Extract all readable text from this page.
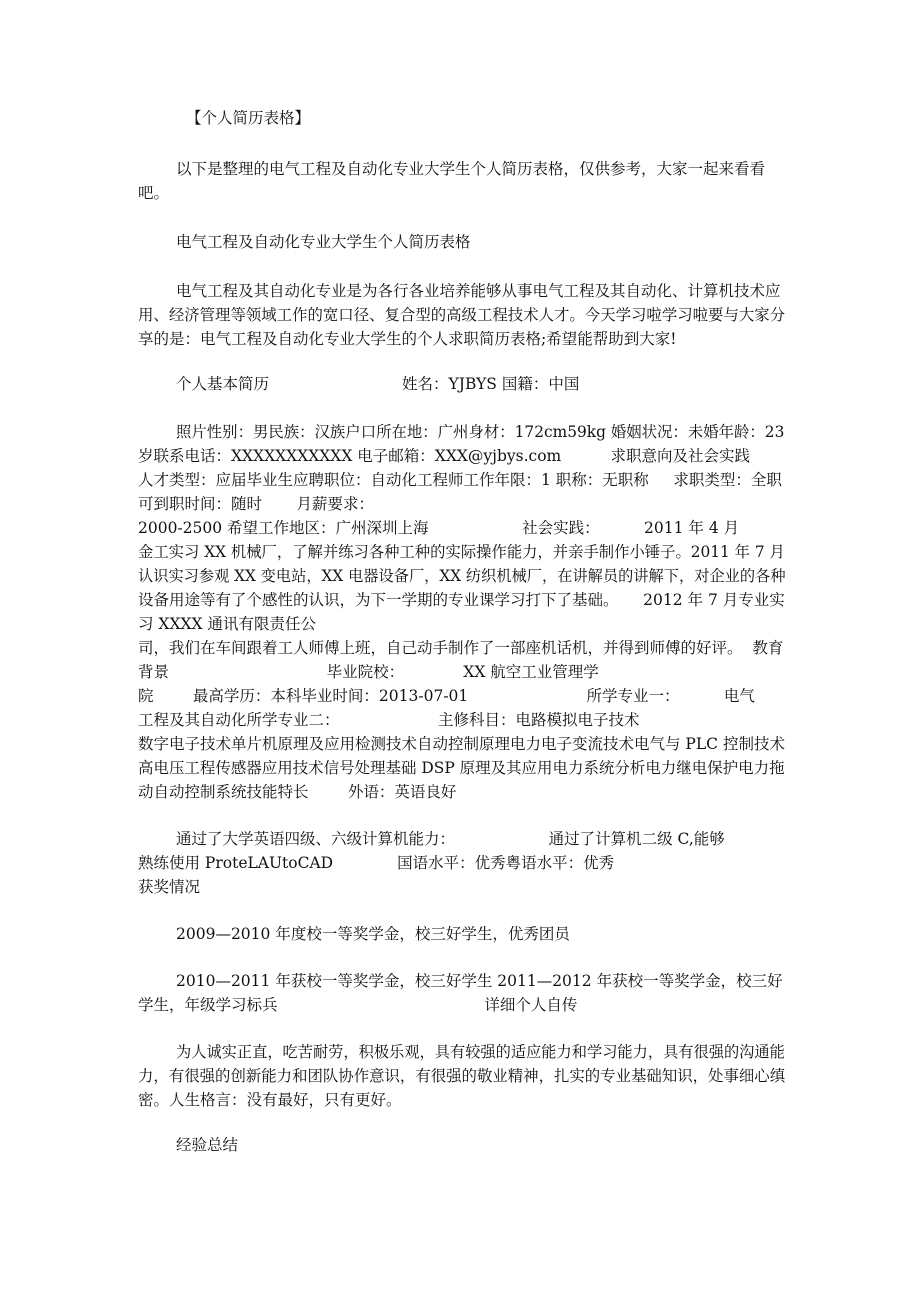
【个人简历表格】
以下是整理的电气工程及自动化专业大学生个人简历表格，仅供参考，大家一起来看看
吧。
电气工程及自动化专业大学生个人简历表格
电气工程及其自动化专业是为各行各业培养能够从事电气工程及其自动化、计算机技术应
用、经济管理等领域工作的宽口径、复合型的高级工程技术人才。今天学习啦学习啦要与大家分
享的是：电气工程及自动化专业大学生的个人求职简历表格;希望能帮助到大家!
个人基本简历	姓名：YJBYS 国籍：中国
照片性别：男民族：汉族户口所在地：广州身材：172cm59kg 婚姻状况：未婚年龄：23
岁联系电话：XXXXXXXXXXX 电子邮箱：XXX@yjbys.com          求职意向及社会实践
人才类型：应届毕业生应聘职位：自动化工程师工作年限：1 职称：无职称     求职类型：全职
可到职时间：随时       月薪要求：
2000-2500 希望工作地区：广州深圳上海                   社会实践：         2011 年 4 月
金工实习 XX 机械厂，了解并练习各种工种的实际操作能力，并亲手制作小锤子。2011 年 7 月
认识实习参观 XX 变电站，XX 电器设备厂，XX 纺织机械厂，在讲解员的讲解下，对企业的各种
设备用途等有了个感性的认识，为下一学期的专业课学习打下了基础。     2012 年 7 月专业实
习 XXXX 通讯有限责任公
司，我们在车间跟着工人师傅上班，自己动手制作了一部座机话机，并得到师傅的好评。  教育
背景                                毕业院校：            XX 航空工业管理学
院        最高学历：本科毕业时间：2013-07-01                        所学专业一：         电气
工程及其自动化所学专业二：                    主修科目：电路模拟电子技术
数字电子技术单片机原理及应用检测技术自动控制原理电力电子变流技术电气与 PLC 控制技术
高电压工程传感器应用技术信号处理基础 DSP 原理及其应用电力系统分析电力继电保护电力拖
动自动控制系统技能特长        外语：英语良好
通过了大学英语四级、六级计算机能力：                   通过了计算机二级 C,能够
熟练使用 ProteLAUtoCAD             国语水平：优秀粤语水平：优秀
获奖情况
2009—2010 年度校一等奖学金，校三好学生，优秀团员
2010—2011 年获校一等奖学金，校三好学生 2011—2012 年获校一等奖学金，校三好
学生，年级学习标兵                                          详细个人自传
为人诚实正直，吃苦耐劳，积极乐观，具有较强的适应能力和学习能力，具有很强的沟通能
力，有很强的创新能力和团队协作意识，有很强的敬业精神，扎实的专业基础知识，处事细心缜
密。人生格言：没有最好，只有更好。
经验总结
